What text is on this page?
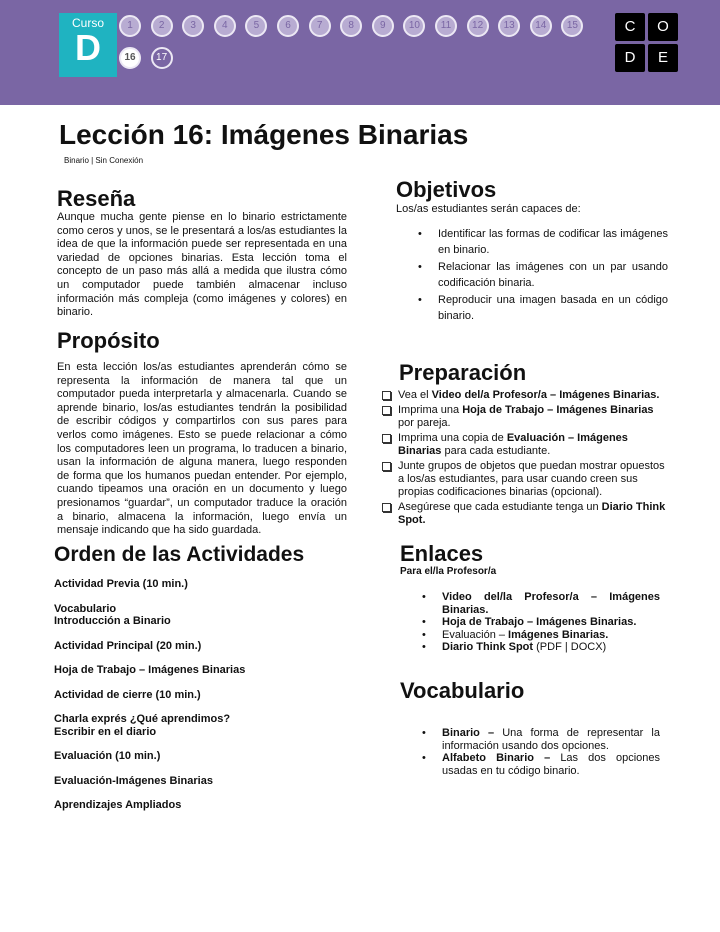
Curso
D
1	2	3	4	5	6	7	8	9	10	11	12	13	14	15
16	17
C	O
D	E
Lección 16: Imágenes Binarias
Binario | Sin Conexión
Reseña
Aunque mucha gente piense en lo binario estrictamente como ceros y unos, se le presentará a los/as estudiantes la idea de que la información puede ser representada en una variedad de opciones binarias. Esta lección toma el concepto de un paso más allá a medida que ilustra cómo un computador puede también almacenar incluso información más compleja (como imágenes y colores) en binario.
Propósito
En esta lección los/as estudiantes aprenderán cómo se representa la información de manera tal que un computador pueda interpretarla y almacenarla. Cuando se aprende binario, los/as estudiantes tendrán la posibilidad de escribir códigos y compartirlos con sus pares para verlos como imágenes. Esto se puede relacionar a cómo los computadores leen un programa, lo traducen a binario, usan la información de alguna manera, luego responden de forma que los humanos puedan entender. Por ejemplo, cuando tipeamos una oración en un documento y luego presionamos “guardar”, un computador traduce la oración a binario, almacena la información, luego envía un mensaje indicando que ha sido guardada.
Orden de las Actividades
Actividad Previa (10 min.)
Vocabulario
Introducción a Binario
Actividad Principal (20 min.)
Hoja de Trabajo – Imágenes Binarias
Actividad de cierre (10 min.)
Charla exprés ¿Qué aprendimos?
Escribir en el diario
Evaluación (10 min.)
Evaluación-Imágenes Binarias
Aprendizajes Ampliados
Objetivos
Los/as estudiantes serán capaces de:
• Identificar las formas de codificar las imágenes en binario.
• Relacionar las imágenes con un par usando codificación binaria.
• Reproducir una imagen basada en un código binario.
Preparación
Vea el Video del/a Profesor/a – Imágenes Binarias.
Imprima una Hoja de Trabajo – Imágenes Binarias por pareja.
Imprima una copia de Evaluación – Imágenes Binarias para cada estudiante.
Junte grupos de objetos que puedan mostrar opuestos a los/as estudiantes, para usar cuando creen sus propias codificaciones binarias (opcional).
Asegúrese que cada estudiante tenga un Diario Think Spot.
Enlaces
Para el/la Profesor/a
• Video del/la Profesor/a – Imágenes Binarias.
• Hoja de Trabajo – Imágenes Binarias.
• Evaluación – Imágenes Binarias.
• Diario Think Spot (PDF | DOCX)
Vocabulario
• Binario – Una forma de representar la información usando dos opciones.
• Alfabeto Binario – Las dos opciones usadas en tu código binario.
